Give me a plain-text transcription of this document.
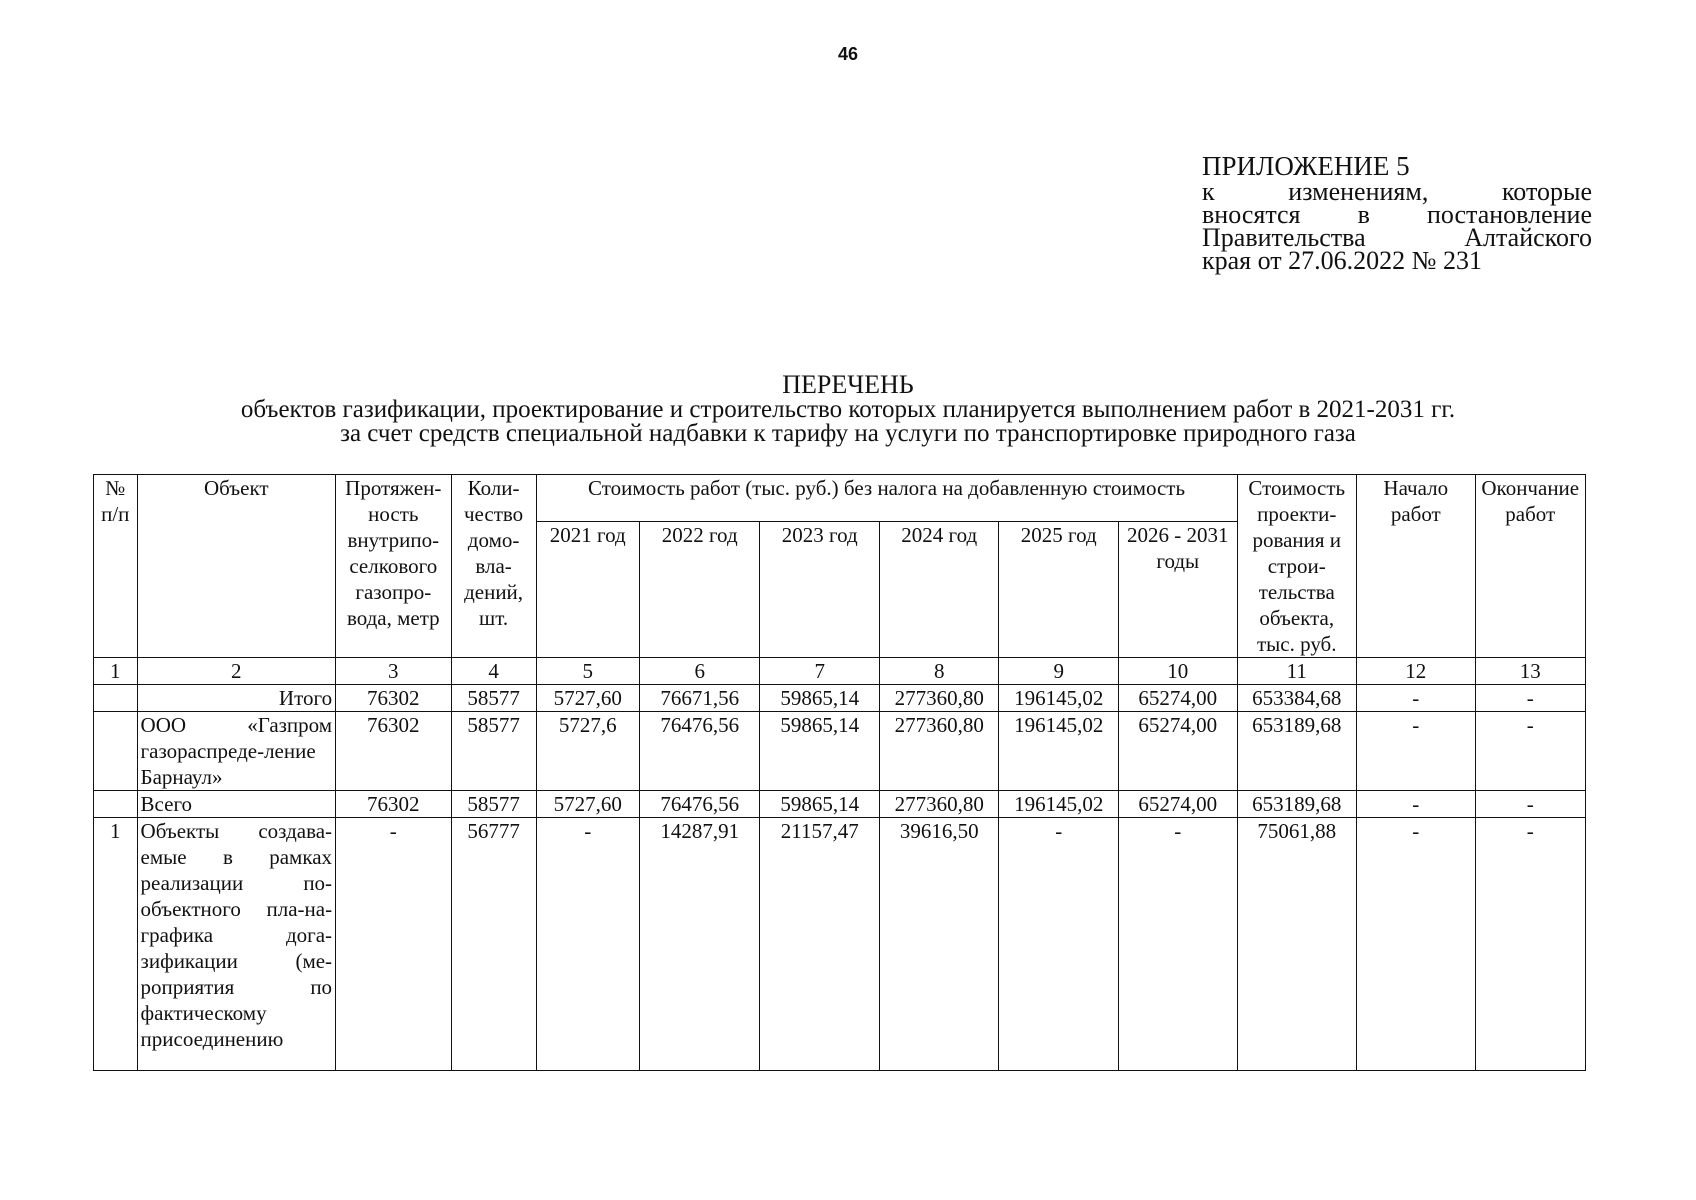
46
ПРИЛОЖЕНИЕ 5
к изменениям, которые
вносятся в постановление
Правительства Алтайского
края от 27.06.2022 № 231
ПЕРЕЧЕНЬ
объектов газификации, проектирование и строительство которых планируется выполнением работ в 2021-2031 гг.
за счет средств специальной надбавки к тарифу на услуги по транспортировке природного газа
№ п/п	Объект	Протяжен-ность внутрипо-селкового газопро-вода, метр	Коли-чество домо-вла-дений, шт.	Стоимость работ (тыс. руб.) без налога на добавленную стоимость						Стоимость проекти-рования и строи-тельства объекта, тыс. руб.	Начало работ	Окончание работ
				2021 год	2022 год	2023 год	2024 год	2025 год	2026 - 2031 годы			
1	2	3	4	5	6	7	8	9	10	11	12	13
	Итого	76302	58577	5727,60	76671,56	59865,14	277360,80	196145,02	65274,00	653384,68	-	-
	ООО «Газпром газораспреде-ление Барнаул»	76302	58577	5727,6	76476,56	59865,14	277360,80	196145,02	65274,00	653189,68	-	-
	Всего	76302	58577	5727,60	76476,56	59865,14	277360,80	196145,02	65274,00	653189,68	-	-
1	Объекты создава-емые в рамках реализации по-объектного пла-на-графика дога-зификации (ме-роприятия по фактическому присоединению	-	56777	-	14287,91	21157,47	39616,50	-	-	75061,88	-	-
